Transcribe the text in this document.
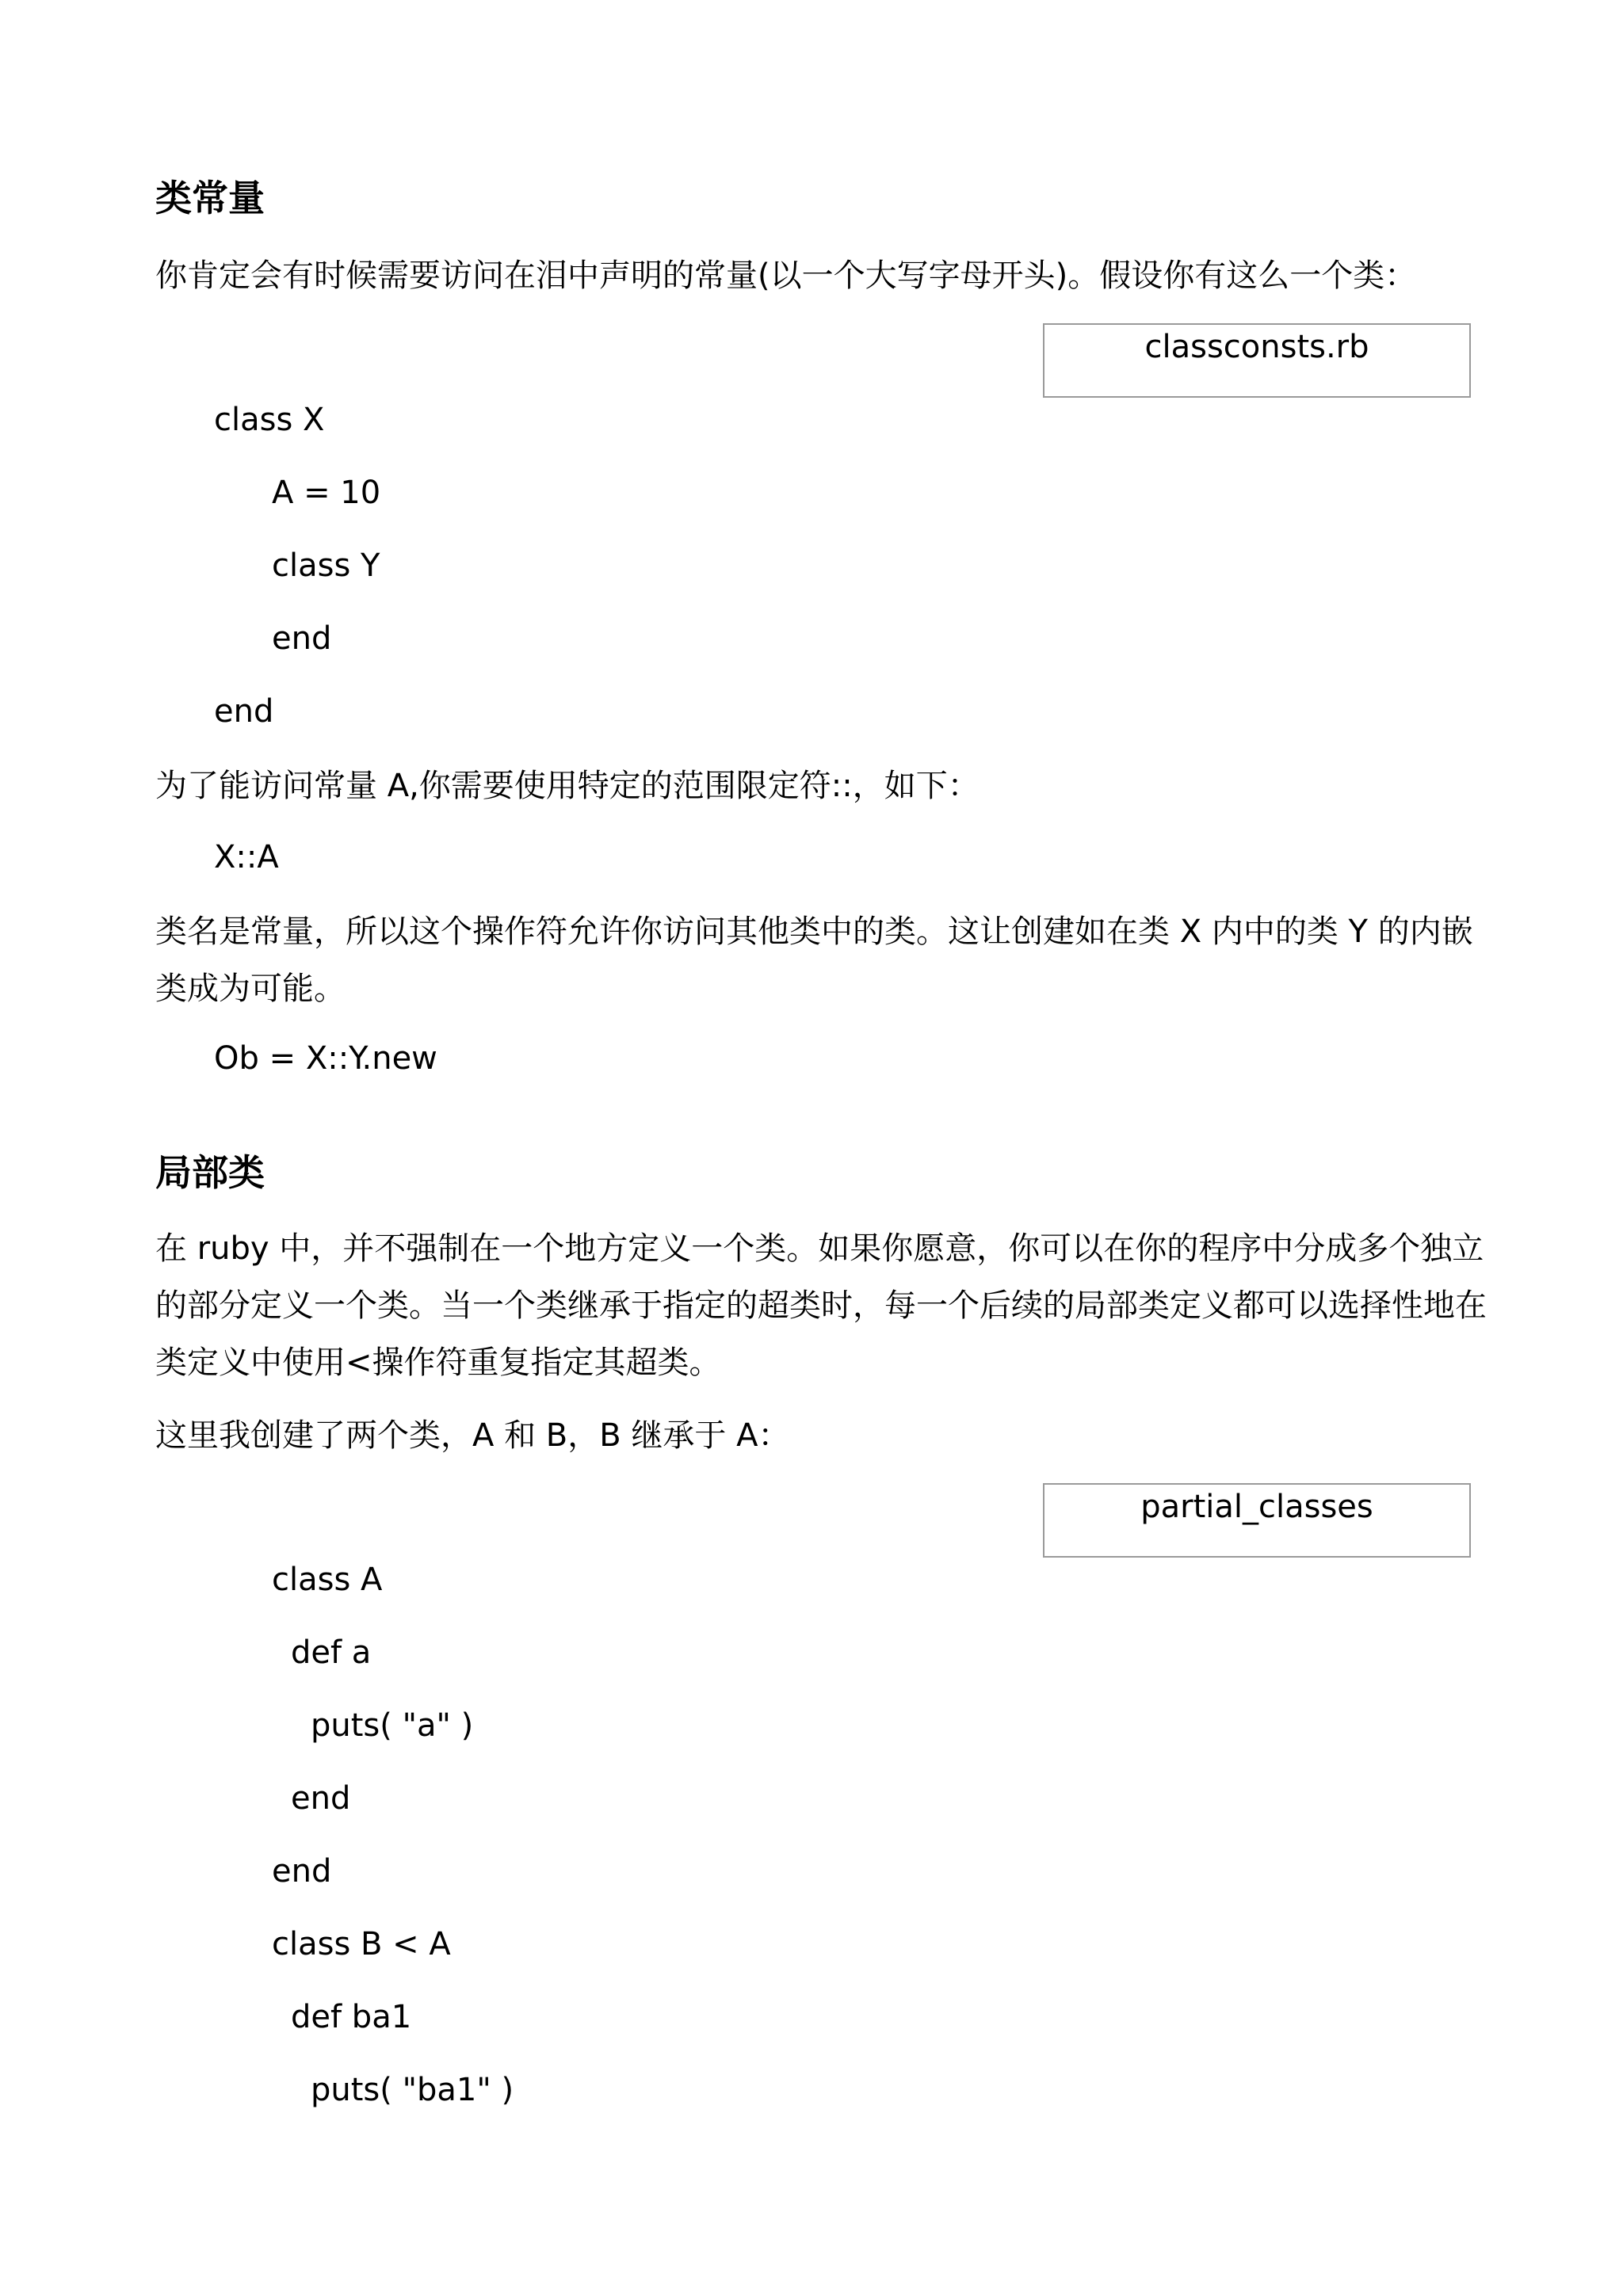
类常量
你肯定会有时候需要访问在泪中声明的常量(以一个大写字母开头)。假设你有这么一个类：
classconsts.rb
class X
A = 10
class Y
end
end
为了能访问常量 A,你需要使用特定的范围限定符::，如下：
X::A
类名是常量，所以这个操作符允许你访问其他类中的类。这让创建如在类 X 内中的类 Y 的内嵌类成为可能。
Ob = X::Y.new
局部类
在 ruby 中，并不强制在一个地方定义一个类。如果你愿意，你可以在你的程序中分成多个独立的部分定义一个类。当一个类继承于指定的超类时，每一个后续的局部类定义都可以选择性地在类定义中使用<操作符重复指定其超类。
这里我创建了两个类，A 和 B，B 继承于 A：
partial_classes
class A
def a
puts( "a" )
end
end
class B < A
def ba1
puts( "ba1" )
